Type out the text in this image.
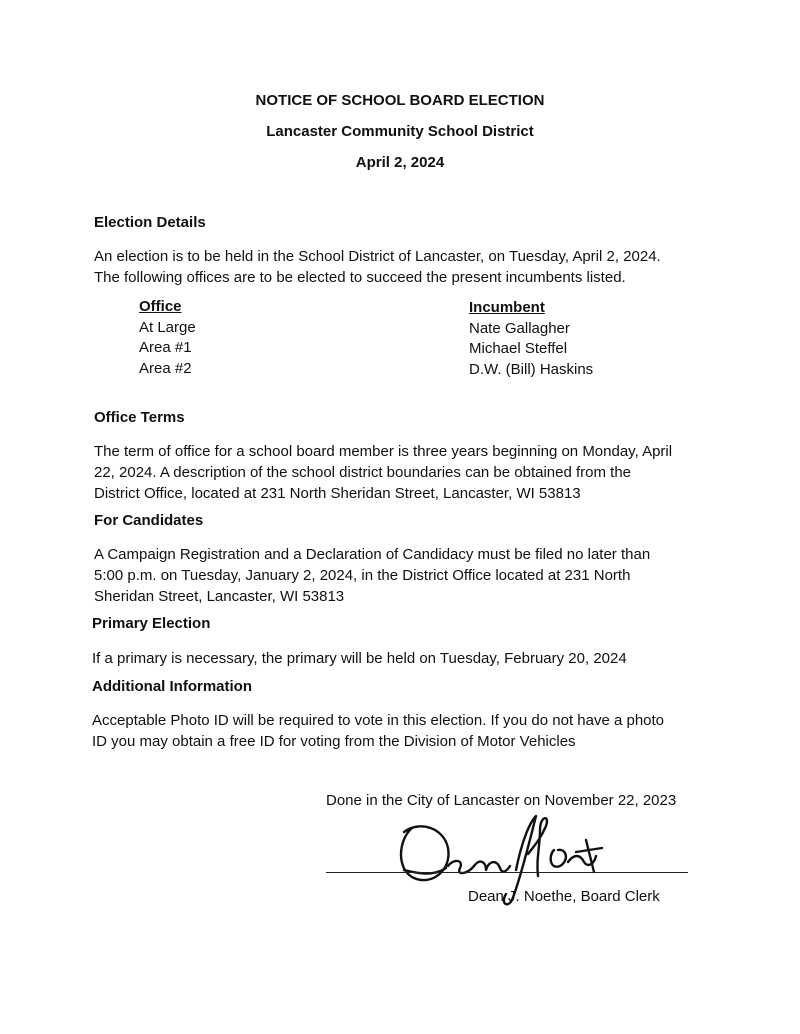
NOTICE OF SCHOOL BOARD ELECTION
Lancaster Community School District
April 2, 2024
Election Details
An election is to be held in the School District of Lancaster, on Tuesday, April 2, 2024.
The following offices are to be elected to succeed the present incumbents listed.
Office
At Large
Area #1
Area #2
Incumbent
Nate Gallagher
Michael Steffel
D.W. (Bill) Haskins
Office Terms
The term of office for a school board member is three years beginning on Monday, April
22, 2024. A description of the school district boundaries can be obtained from the
District Office, located at 231 North Sheridan Street, Lancaster, WI 53813
For Candidates
A Campaign Registration and a Declaration of Candidacy must be filed no later than
5:00 p.m. on Tuesday, January 2, 2024, in the District Office located at 231 North
Sheridan Street, Lancaster, WI 53813
Primary Election
If a primary is necessary, the primary will be held on Tuesday, February 20, 2024
Additional Information
Acceptable Photo ID will be required to vote in this election. If you do not have a photo
ID you may obtain a free ID for voting from the Division of Motor Vehicles
Done in the City of Lancaster on November 22, 2023
Dean J. Noethe, Board Clerk
